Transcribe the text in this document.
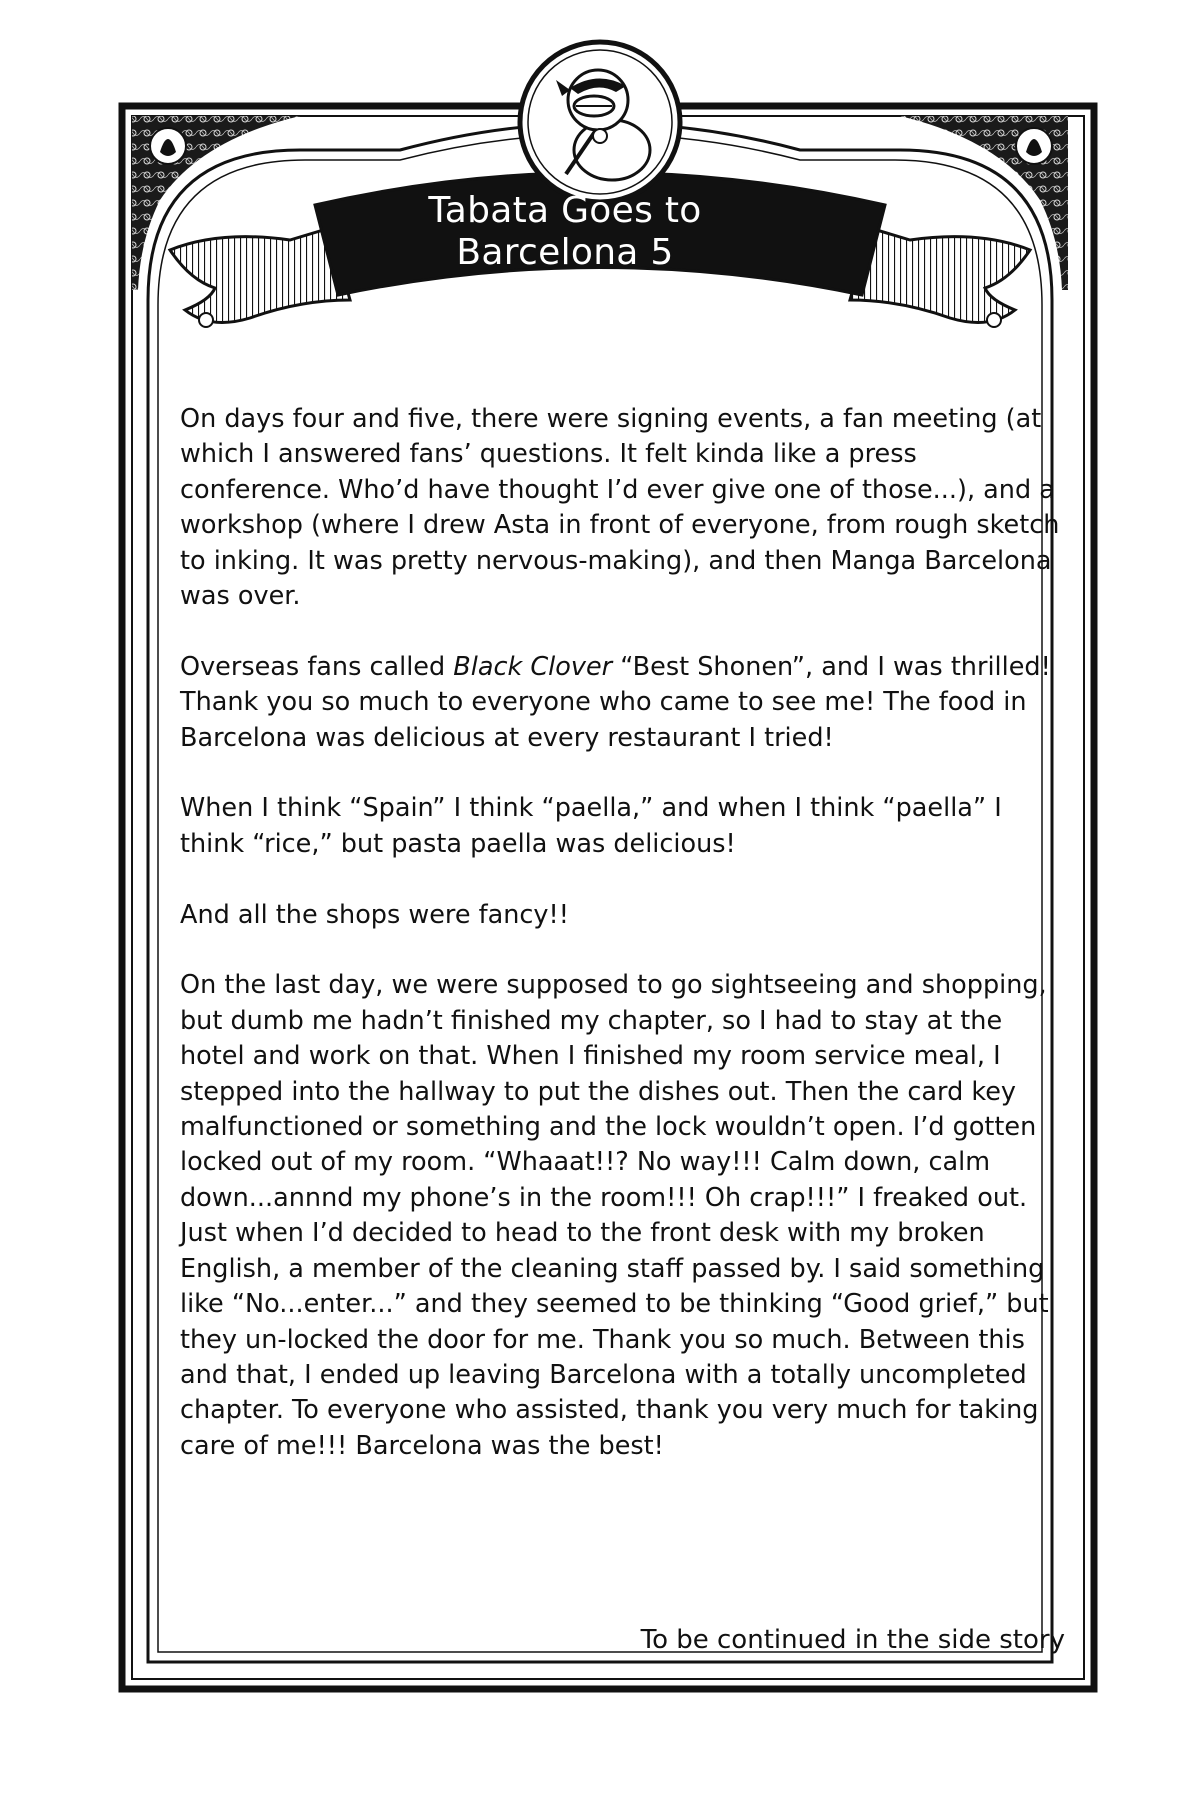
Tabata Goes to
Barcelona 5

On days four and five, there were signing events, a fan meeting (at which I answered fans’ questions. It felt kinda like a press conference. Who’d have thought I’d ever give one of those...), and a workshop (where I drew Asta in front of everyone, from rough sketch to inking. It was pretty nervous-making), and then Manga Barcelona was over.

Overseas fans called Black Clover “Best Shonen”, and I was thrilled! Thank you so much to everyone who came to see me! The food in Barcelona was delicious at every restaurant I tried!

When I think “Spain” I think “paella,” and when I think “paella” I think “rice,” but pasta paella was delicious!

And all the shops were fancy!!

On the last day, we were supposed to go sightseeing and shopping, but dumb me hadn’t finished my chapter, so I had to stay at the hotel and work on that. When I finished my room service meal, I stepped into the hallway to put the dishes out. Then the card key malfunctioned or something and the lock wouldn’t open. I’d gotten locked out of my room. “Whaaat!!? No way!!! Calm down, calm down...annnd my phone’s in the room!!! Oh crap!!!” I freaked out. Just when I’d decided to head to the front desk with my broken English, a member of the cleaning staff passed by. I said something like “No...enter...” and they seemed to be thinking “Good grief,” but they un-locked the door for me. Thank you so much. Between this and that, I ended up leaving Barcelona with a totally uncompleted chapter. To everyone who assisted, thank you very much for taking care of me!!! Barcelona was the best!

To be continued in the side story
